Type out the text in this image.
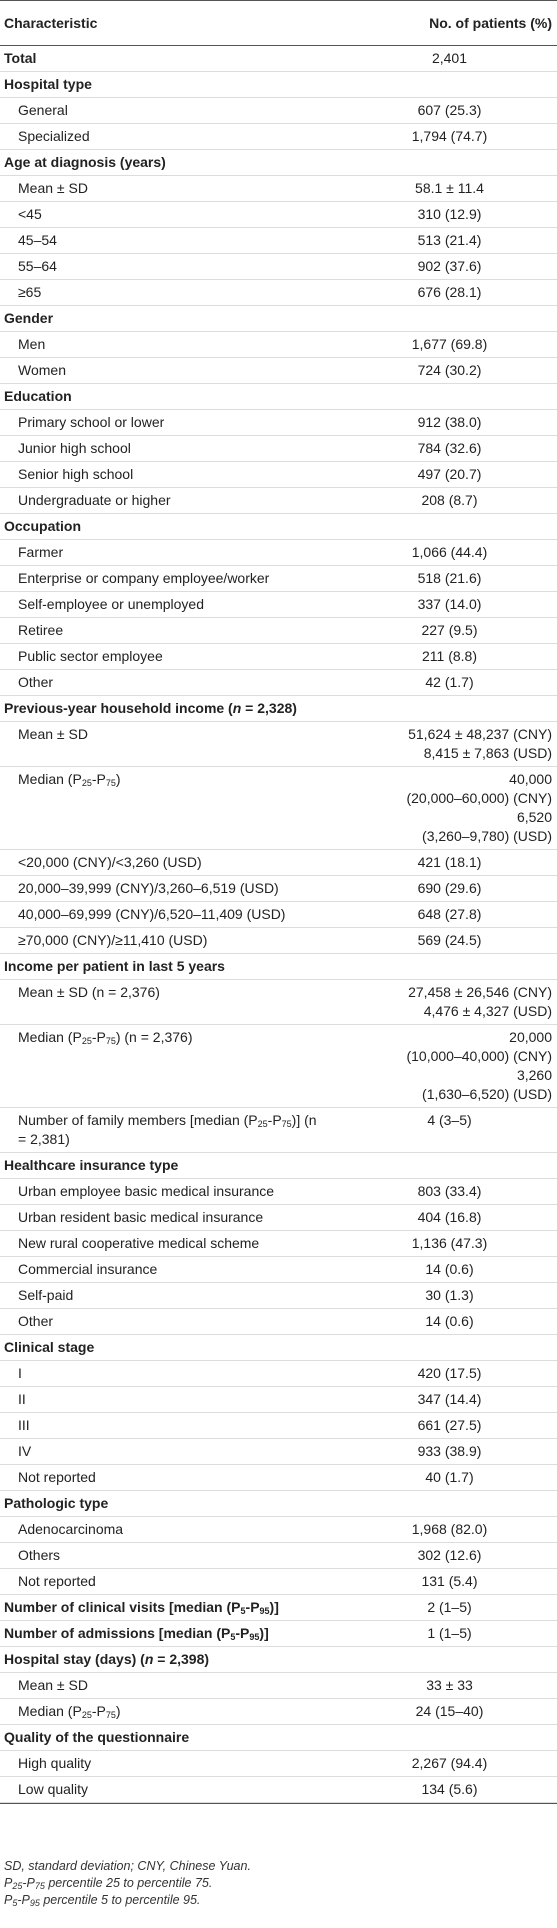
Characteristic	No. of patients (%)
Total	2,401
Hospital type	
General	607 (25.3)
Specialized	1,794 (74.7)
Age at diagnosis (years)	
Mean ± SD	58.1 ± 11.4
<45	310 (12.9)
45–54	513 (21.4)
55–64	902 (37.6)
≥65	676 (28.1)
Gender	
Men	1,677 (69.8)
Women	724 (30.2)
Education	
Primary school or lower	912 (38.0)
Junior high school	784 (32.6)
Senior high school	497 (20.7)
Undergraduate or higher	208 (8.7)
Occupation	
Farmer	1,066 (44.4)
Enterprise or company employee/worker	518 (21.6)
Self-employee or unemployed	337 (14.0)
Retiree	227 (9.5)
Public sector employee	211 (8.8)
Other	42 (1.7)
Previous-year household income (n = 2,328)	
Mean ± SD	51,624 ± 48,237 (CNY)
8,415 ± 7,863 (USD)

Median $(P_{25}-P_{75})$	40,000
(20,000–60,000) (CNY)
6,520
(3,260–9,780) (USD)

<20,000 (CNY)/<3,260 (USD)	421 (18.1)
20,000–39,999 (CNY)/3,260–6,519 (USD)	690 (29.6)
40,000–69,999 (CNY)/6,520–11,409 (USD)	648 (27.8)
≥70,000 (CNY)/≥11,410 (USD)	569 (24.5)
Income per patient in last 5 years	
Mean ± SD (n = 2,376)	27,458 ± 26,546 (CNY)
4,476 ± 4,327 (USD)

Median $(P_{25}-P_{75}) (n = 2,376)$	20,000
(10,000–40,000) (CNY)
3,260
(1,630–6,520) (USD)

Number of family members [median $(P_{25}-P_{75})$] (n = 2,381)	4 (3–5)
Healthcare insurance type	
Urban employee basic medical insurance	803 (33.4)
Urban resident basic medical insurance	404 (16.8)
New rural cooperative medical scheme	1,136 (47.3)
Commercial insurance	14 (0.6)
Self-paid	30 (1.3)
Other	14 (0.6)
Clinical stage	
I	420 (17.5)
II	347 (14.4)
III	661 (27.5)
IV	933 (38.9)
Not reported	40 (1.7)
Pathologic type	
Adenocarcinoma	1,968 (82.0)
Others	302 (12.6)
Not reported	131 (5.4)
Number of clinical visits [median $(P_5-P_{95})$]	2 (1–5)
Number of admissions [median $(P_5-P_{95})$]	1 (1–5)
Hospital stay (days) (n = 2,398)	
Mean ± SD	33 ± 33
Median $(P_{25}-P_{75})$	24 (15–40)
Quality of the questionnaire	
High quality	2,267 (94.4)
Low quality	134 (5.6)
SD, standard deviation; CNY, Chinese Yuan.
$P_{25}-P_{75}$ percentile 25 to percentile 75.
$P_5-P_{95}$ percentile 5 to percentile 95.
